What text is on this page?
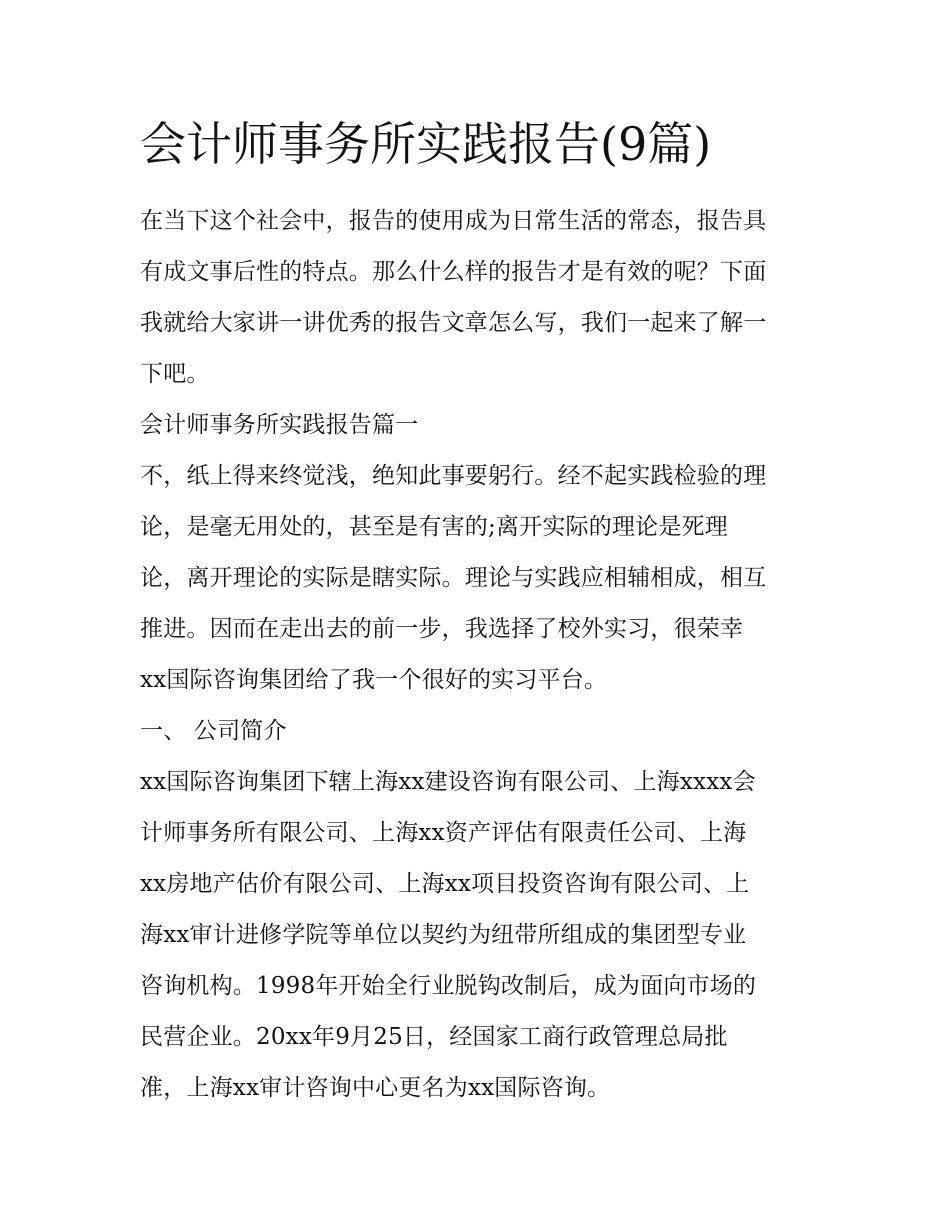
会计师事务所实践报告(9篇)
在当下这个社会中，报告的使用成为日常生活的常态，报告具
有成文事后性的特点。那么什么样的报告才是有效的呢？下面
我就给大家讲一讲优秀的报告文章怎么写，我们一起来了解一
下吧。
会计师事务所实践报告篇一
不，纸上得来终觉浅，绝知此事要躬行。经不起实践检验的理
论，是毫无用处的，甚至是有害的;离开实际的理论是死理
论，离开理论的实际是瞎实际。理论与实践应相辅相成，相互
推进。因而在走出去的前一步，我选择了校外实习，很荣幸
xx国际咨询集团给了我一个很好的实习平台。
一、 公司简介
xx国际咨询集团下辖上海xx建设咨询有限公司、上海xxxx会
计师事务所有限公司、上海xx资产评估有限责任公司、上海
xx房地产估价有限公司、上海xx项目投资咨询有限公司、上
海xx审计进修学院等单位以契约为纽带所组成的集团型专业
咨询机构。1998年开始全行业脱钩改制后，成为面向市场的
民营企业。20xx年9月25日，经国家工商行政管理总局批
准，上海xx审计咨询中心更名为xx国际咨询。
